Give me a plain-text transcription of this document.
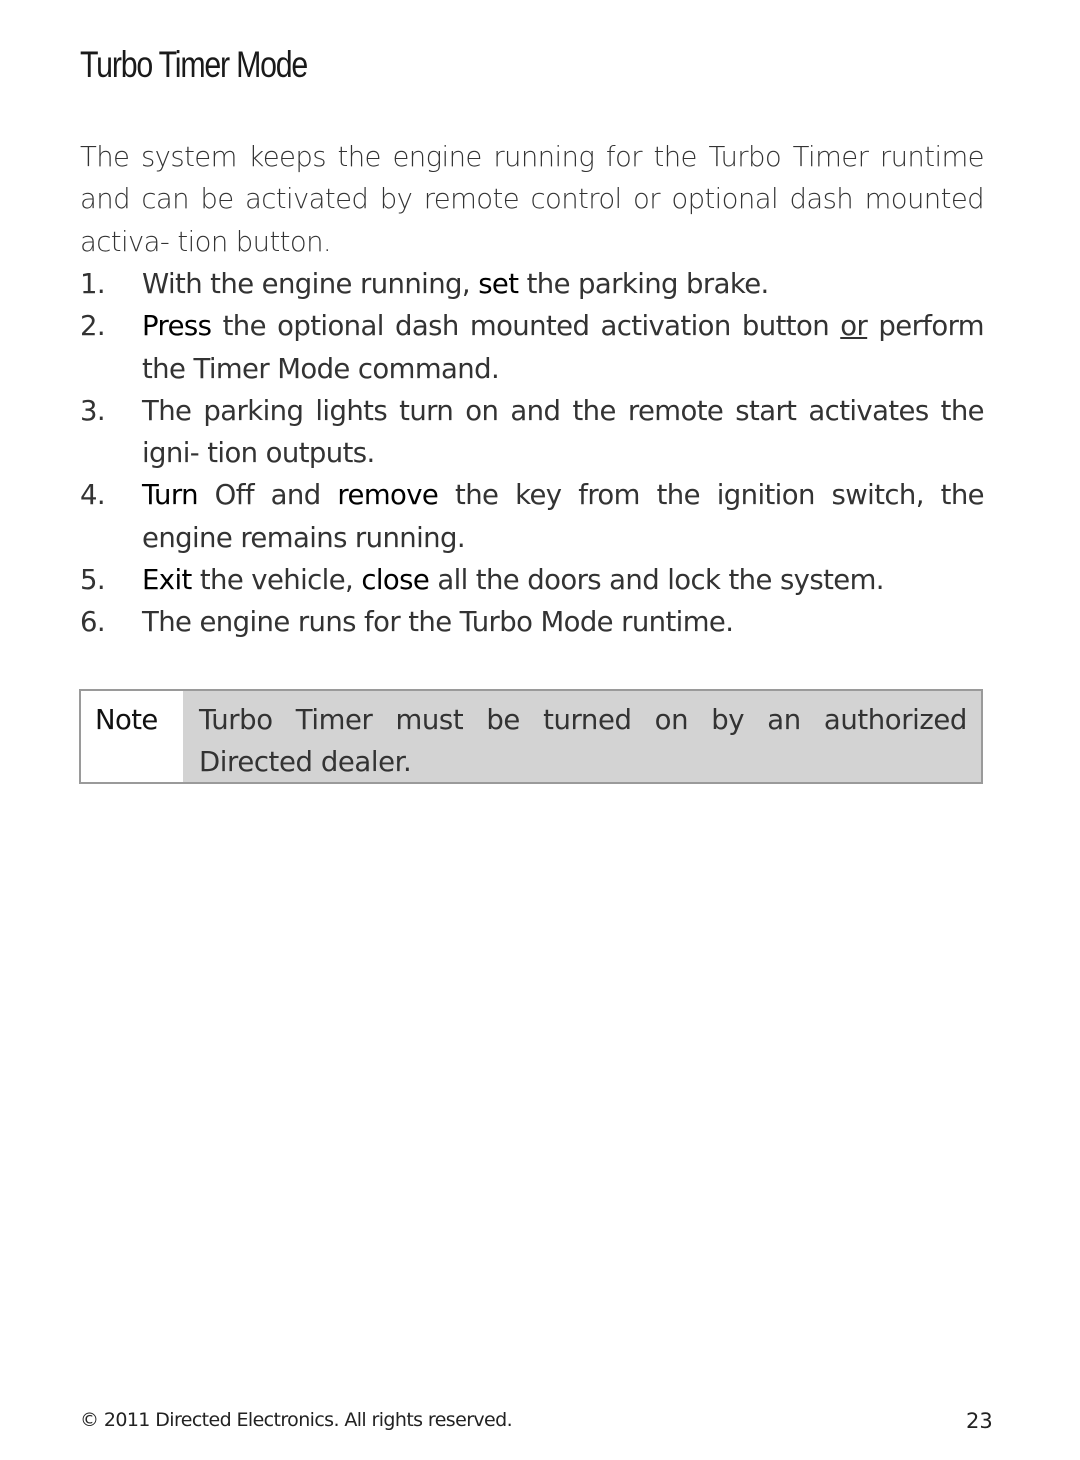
Turbo Timer Mode

The system keeps the engine running for the Turbo Timer runtime and can be activated by remote control or optional dash mounted activa- tion button.

1.	With the engine running, set the parking brake.
2.	Press the optional dash mounted activation button or perform the Timer Mode command.
3.	The parking lights turn on and the remote start activates the igni- tion outputs.
4.	Turn Off and remove the key from the ignition switch, the engine remains running.
5.	Exit the vehicle, close all the doors and lock the system.
6.	The engine runs for the Turbo Mode runtime.
Note	Turbo Timer must be turned on by an authorized Directed dealer.
© 2011 Directed Electronics. All rights reserved.	23
